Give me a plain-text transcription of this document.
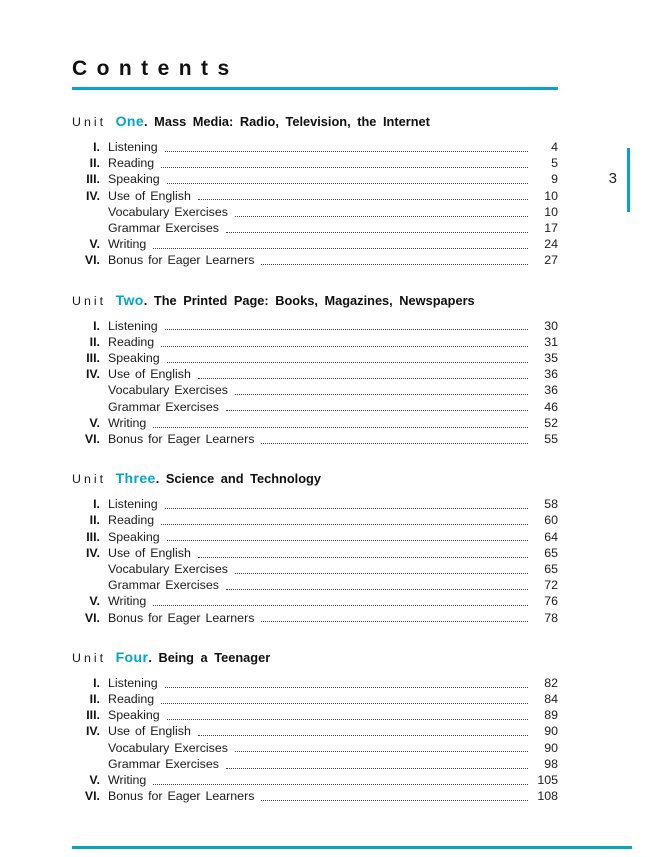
Contents
Unit One. Mass Media: Radio, Television, the Internet
I. Listening	4
II. Reading	5
III. Speaking	9
IV. Use of English	10
Vocabulary Exercises	10
Grammar Exercises	17
V. Writing	24
VI. Bonus for Eager Learners	27
Unit Two. The Printed Page: Books, Magazines, Newspapers
I. Listening	30
II. Reading	31
III. Speaking	35
IV. Use of English	36
Vocabulary Exercises	36
Grammar Exercises	46
V. Writing	52
VI. Bonus for Eager Learners	55
Unit Three. Science and Technology
I. Listening	58
II. Reading	60
III. Speaking	64
IV. Use of English	65
Vocabulary Exercises	65
Grammar Exercises	72
V. Writing	76
VI. Bonus for Eager Learners	78
Unit Four. Being a Teenager
I. Listening	82
II. Reading	84
III. Speaking	89
IV. Use of English	90
Vocabulary Exercises	90
Grammar Exercises	98
V. Writing	105
VI. Bonus for Eager Learners	108
3
